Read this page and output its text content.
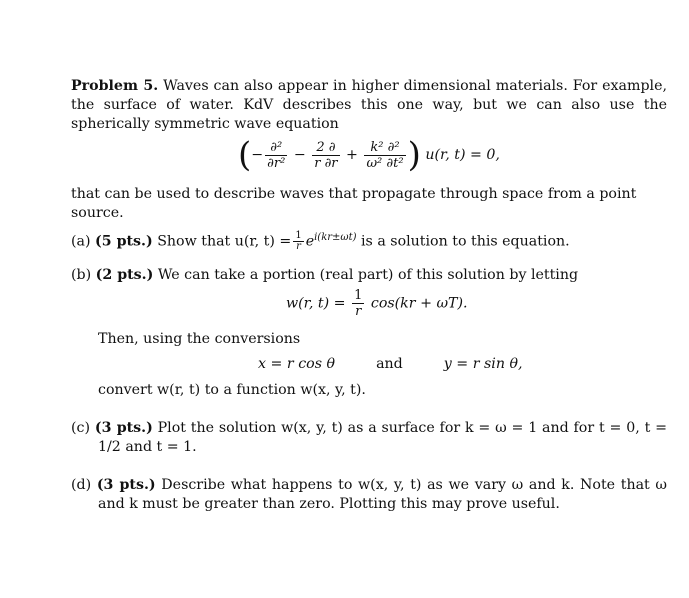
Problem 5. Waves can also appear in higher dimensional materials. For example, the surface of water. KdV describes this one way, but we can also use the spherically symmetric wave equation
(− $\frac{\text{∂²}}{\text{∂r²}} - \frac{2 \partial}{r \partial r} + \frac{\text{k² ∂²}}{\text{ω² ∂t²}}$ ) u(r, t) = 0,
that can be used to describe waves that propagate through space from a point source.
(a) (5 pts.) Show that u(r, $t) = \frac{1}{r} e^{i(kr\pm\omega t)}$ is a solution to this equation.
(b) (2 pts.) We can take a portion (real part) of this solution by letting
w(r, $t) = \frac{1}{r} \cos(kr + \omega T)$.
Then, using the conversions
x = r cos θ	and	y = r sin θ,
convert w(r, t) to a function w(x, y, t).
(c) (3 pts.) Plot the solution w(x, y, t) as a surface for k = ω = 1 and for t = 0, t = 1/2 and t = 1.
(d) (3 pts.) Describe what happens to w(x, y, t) as we vary ω and k. Note that ω and k must be greater than zero. Plotting this may prove useful.
